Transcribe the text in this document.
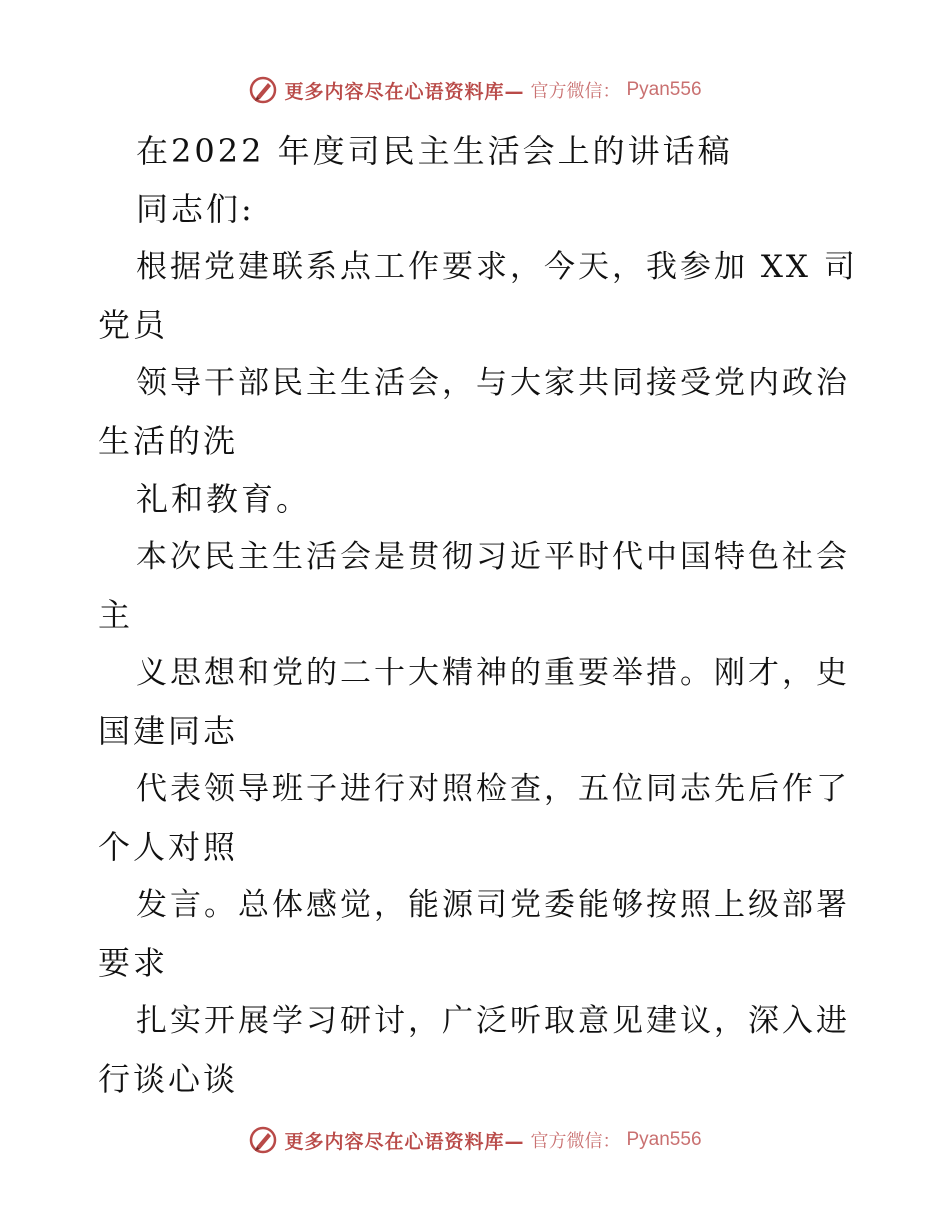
更多内容尽在心语资料库— 官方微信： Pyan556
在2022 年度司民主生活会上的讲话稿
同志们:
根据党建联系点工作要求，今天，我参加 XX 司
党员
领导干部民主生活会，与大家共同接受党内政治
生活的洗
礼和教育。
本次民主生活会是贯彻习近平时代中国特色社会
主
义思想和党的二十大精神的重要举措。刚才，史
国建同志
代表领导班子进行对照检查，五位同志先后作了
个人对照
发言。总体感觉，能源司党委能够按照上级部署
要求
扎实开展学习研讨，广泛听取意见建议，深入进
行谈心谈
更多内容尽在心语资料库— 官方微信： Pyan556
